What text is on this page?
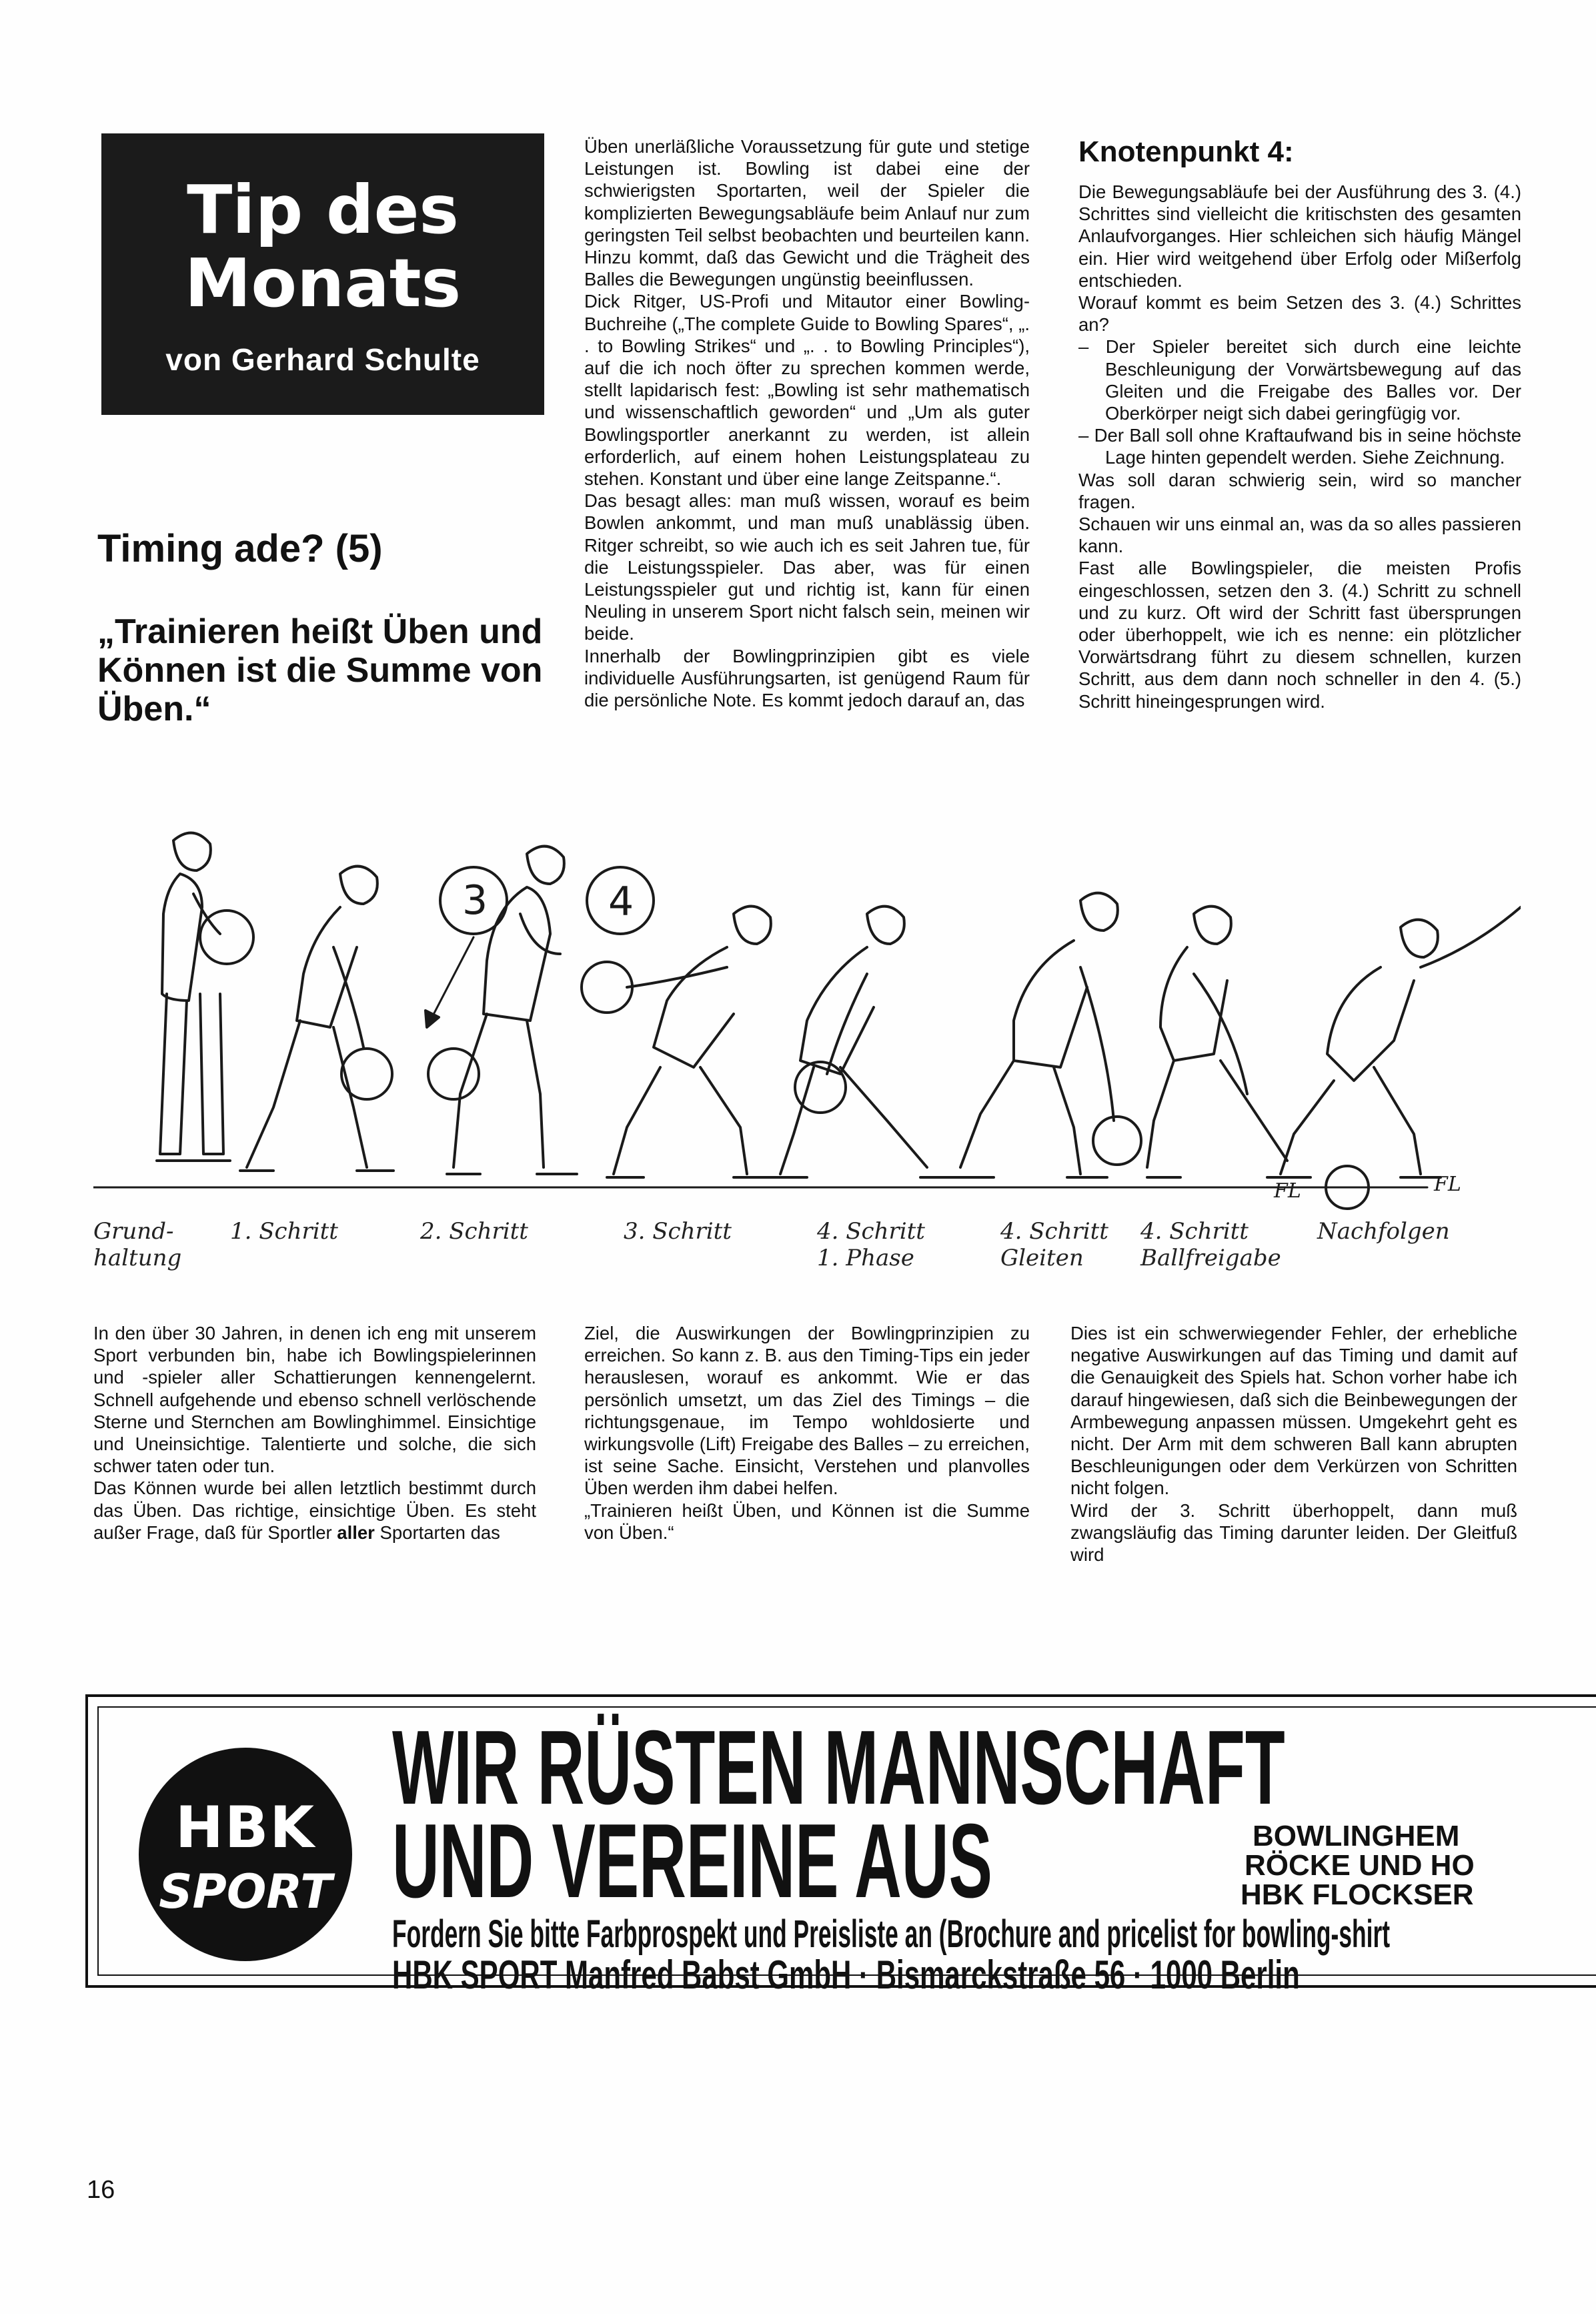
Tip des
Monats
von Gerhard Schulte
Timing ade? (5)
„Trainieren heißt Üben und Können ist die Summe von Üben.“

Üben unerläßliche Voraussetzung für gute und stetige Leistungen ist. Bowling ist dabei eine der schwierigsten Sportarten, weil der Spieler die komplizierten Bewegungsabläufe beim Anlauf nur zum geringsten Teil selbst beobachten und beurteilen kann. Hinzu kommt, daß das Gewicht und die Trägheit des Balles die Bewegungen ungünstig beeinflussen.

Dick Ritger, US-Profi und Mitautor einer Bowling-Buchreihe („The complete Guide to Bowling Spares“, „. . to Bowling Strikes“ und „. . to Bowling Principles“), auf die ich noch öfter zu sprechen kommen werde, stellt lapidarisch fest: „Bowling ist sehr mathematisch und wissenschaftlich geworden“ und „Um als guter Bowlingsportler anerkannt zu werden, ist allein erforderlich, auf einem hohen Leistungsplateau zu stehen. Konstant und über eine lange Zeitspanne.“.

Das besagt alles: man muß wissen, worauf es beim Bowlen ankommt, und man muß unablässig üben. Ritger schreibt, so wie auch ich es seit Jahren tue, für die Leistungsspieler. Das aber, was für einen Leistungsspieler gut und richtig ist, kann für einen Neuling in unserem Sport nicht falsch sein, meinen wir beide.

Innerhalb der Bowlingprinzipien gibt es viele individuelle Ausführungsarten, ist genügend Raum für die persönliche Note. Es kommt jedoch darauf an, das

Knotenpunkt 4:

Die Bewegungsabläufe bei der Ausführung des 3. (4.) Schrittes sind vielleicht die kritischsten des gesamten Anlaufvorganges. Hier schleichen sich häufig Mängel ein. Hier wird weitgehend über Erfolg oder Mißerfolg entschieden.

Worauf kommt es beim Setzen des 3. (4.) Schrittes an?

– Der Spieler bereitet sich durch eine leichte Beschleunigung der Vorwärtsbewegung auf das Gleiten und die Freigabe des Balles vor. Der Oberkörper neigt sich dabei geringfügig vor.

– Der Ball soll ohne Kraftaufwand bis in seine höchste Lage hinten gependelt werden. Siehe Zeichnung.

Was soll daran schwierig sein, wird so mancher fragen.

Schauen wir uns einmal an, was da so alles passieren kann.

Fast alle Bowlingspieler, die meisten Profis eingeschlossen, setzen den 3. (4.) Schritt zu schnell und zu kurz. Oft wird der Schritt fast übersprungen oder überhoppelt, wie ich es nenne: ein plötzlicher Vorwärtsdrang führt zu diesem schnellen, kurzen Schritt, aus dem dann noch schneller in den 4. (5.) Schritt hineingesprungen wird.

3	4
FL	FL
Grund-
haltung
1. Schritt	2. Schritt	3. Schritt	4. Schritt
1. Phase
4. Schritt
Gleiten
4. Schritt
Ballfreigabe
Nachfolgen

In den über 30 Jahren, in denen ich eng mit unserem Sport verbunden bin, habe ich Bowlingspielerinnen und -spieler aller Schattierungen kennengelernt. Schnell aufgehende und ebenso schnell verlöschende Sterne und Sternchen am Bowlinghimmel. Einsichtige und Uneinsichtige. Talentierte und solche, die sich schwer taten oder tun.

Das Können wurde bei allen letztlich bestimmt durch das Üben. Das richtige, einsichtige Üben. Es steht außer Frage, daß für Sportler aller Sportarten das

Ziel, die Auswirkungen der Bowlingprinzipien zu erreichen. So kann z. B. aus den Timing-Tips ein jeder herauslesen, worauf es ankommt. Wie er das persönlich umsetzt, um das Ziel des Timings – die richtungsgenaue, im Tempo wohldosierte und wirkungsvolle (Lift) Freigabe des Balles – zu erreichen, ist seine Sache. Einsicht, Verstehen und planvolles Üben werden ihm dabei helfen.

„Trainieren heißt Üben, und Können ist die Summe von Üben.“

Dies ist ein schwerwiegender Fehler, der erhebliche negative Auswirkungen auf das Timing und damit auf die Genauigkeit des Spiels hat. Schon vorher habe ich darauf hingewiesen, daß sich die Beinbewegungen der Armbewegung anpassen müssen. Umgekehrt geht es nicht. Der Arm mit dem schweren Ball kann abrupten Beschleunigungen oder dem Verkürzen von Schritten nicht folgen.

Wird der 3. Schritt überhoppelt, dann muß zwangsläufig das Timing darunter leiden. Der Gleitfuß wird

HBK
SPORT
WIR RÜSTEN MANNSCHAFT
UND VEREINE AUS	BOWLINGHEM
RÖCKE UND HO
HBK FLOCKSER
Fordern Sie bitte Farbprospekt und Preisliste an (Brochure and pricelist for bowling-shirt
HBK SPORT Manfred Babst GmbH · Bismarckstraße 56 · 1000 Berlin
16
